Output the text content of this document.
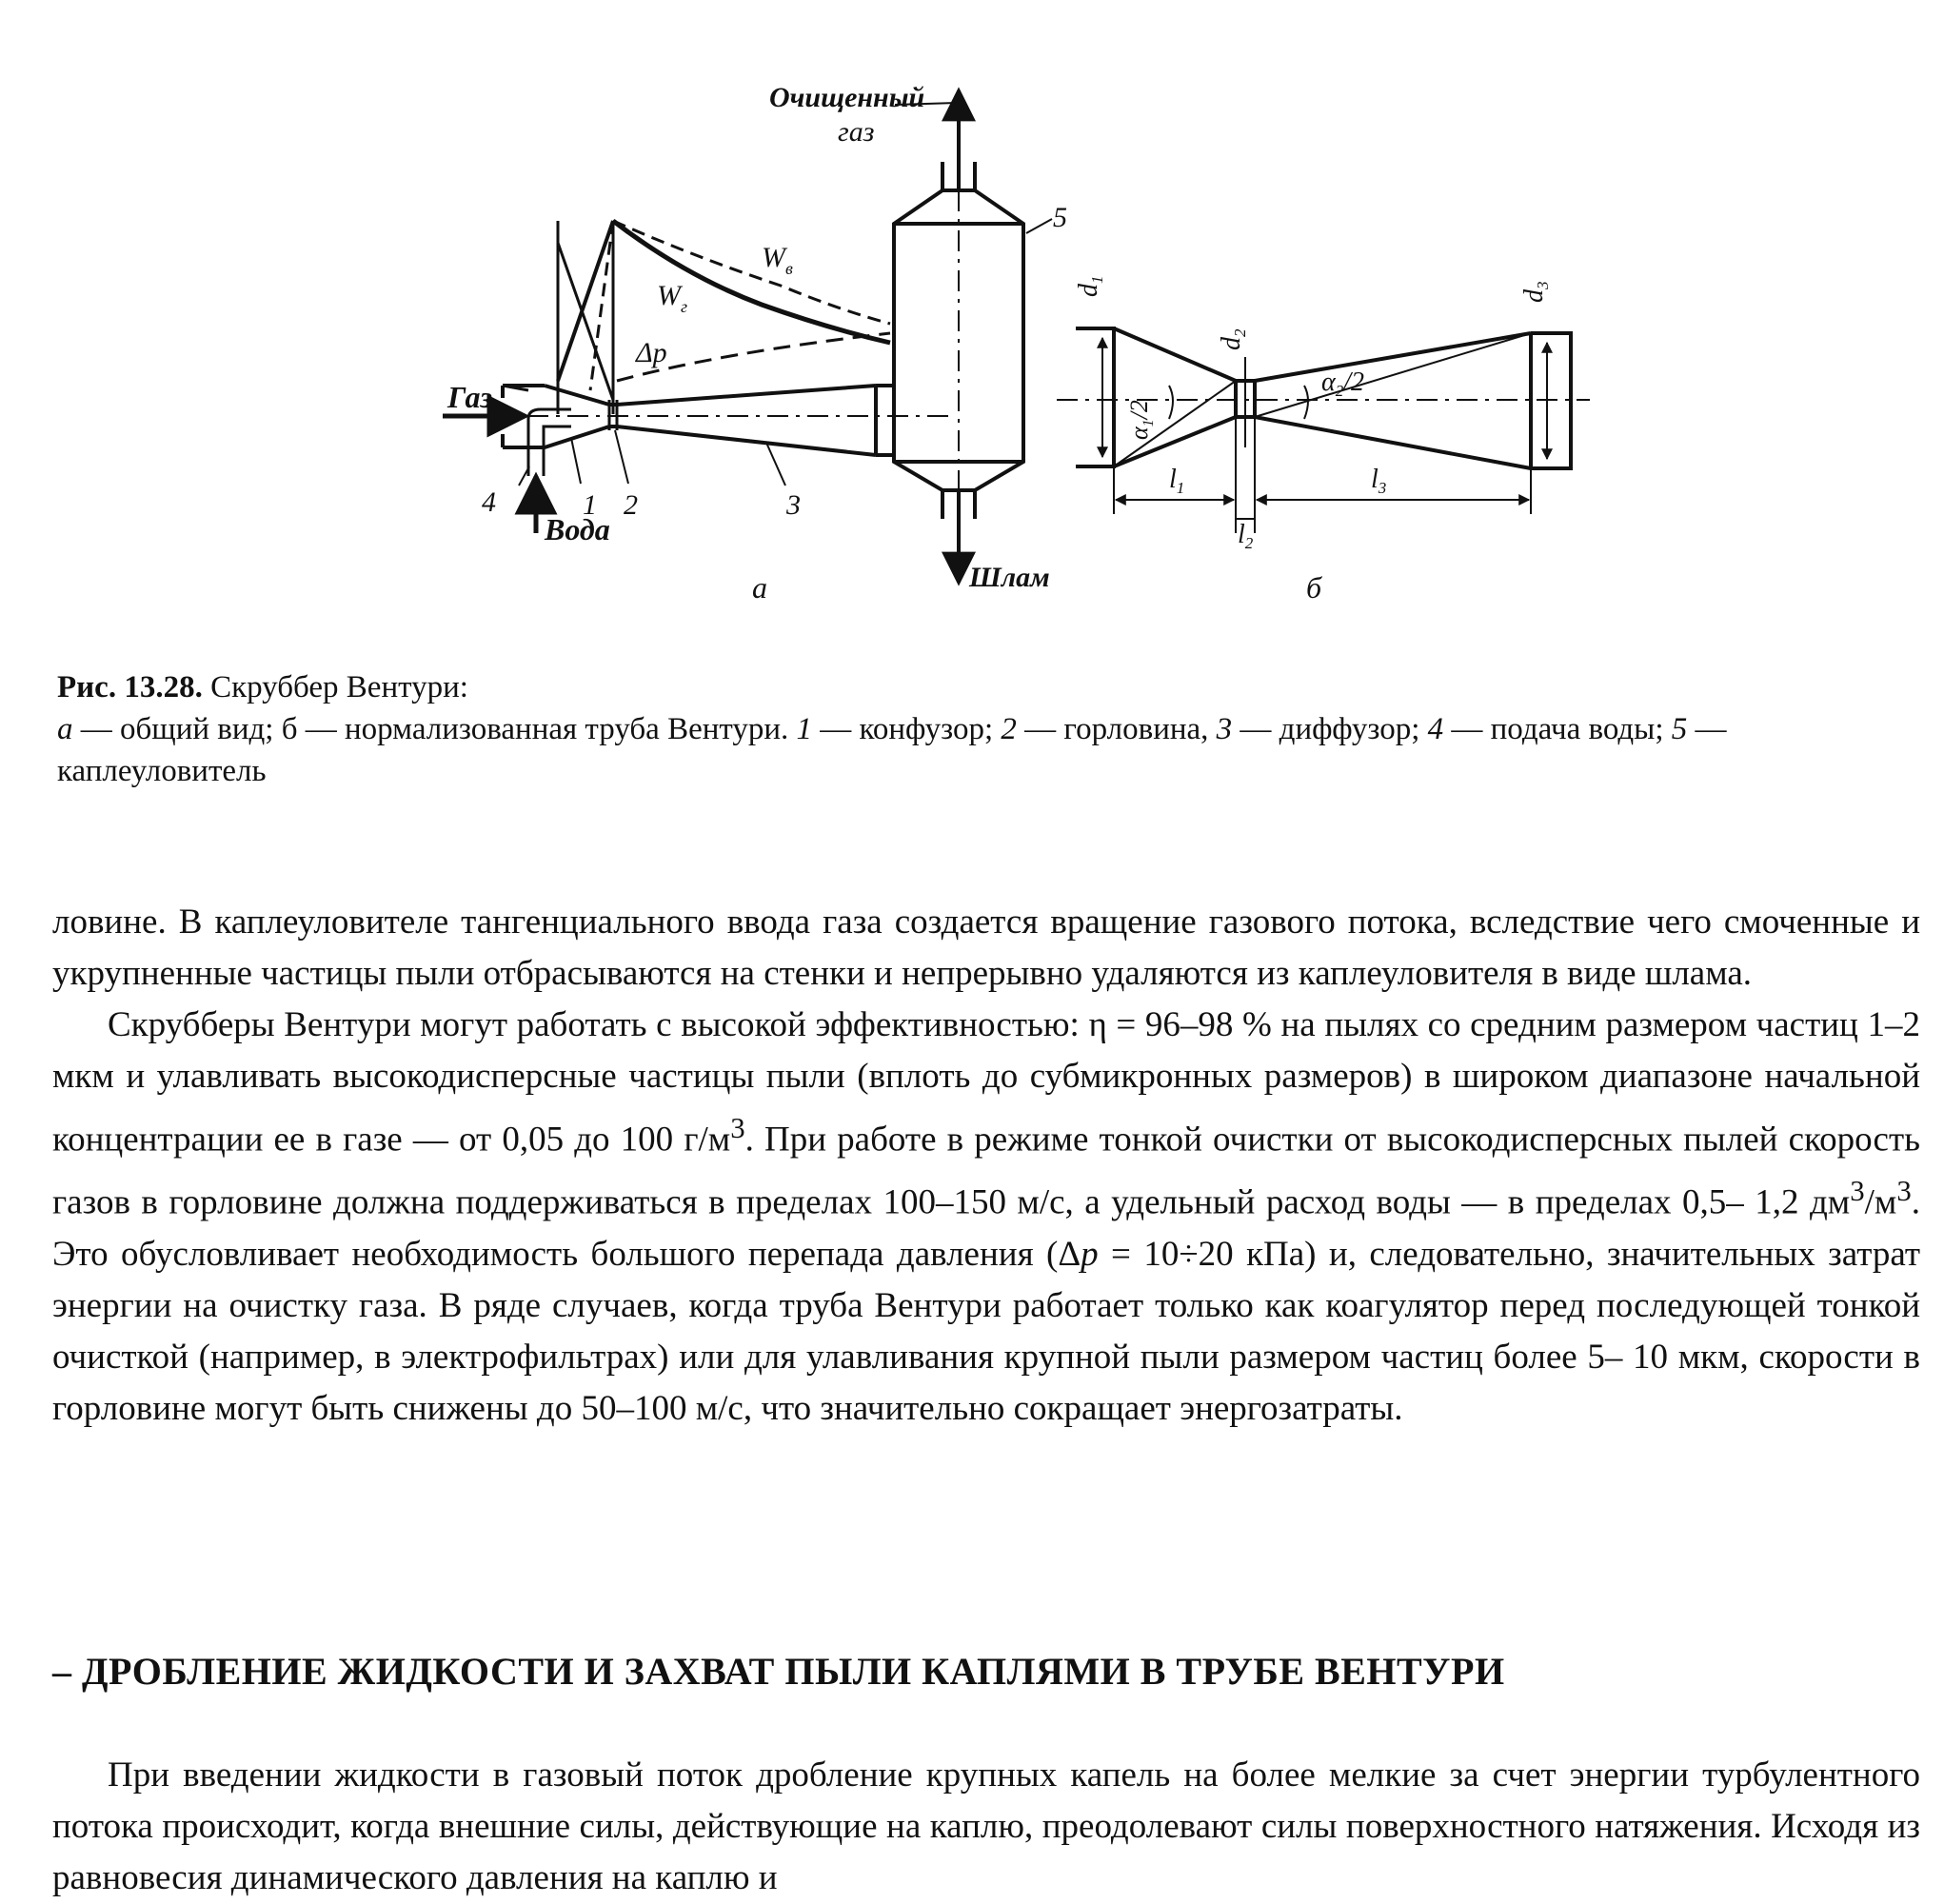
Очищенный
газ
Газ
Вода
Шлам
$W_г$
$W_в$
Δp
1 2	3
4
5
а	б
$d_1$
$d_2$
$d_3$
$\alpha_1/2$
$\alpha_2/2$
$l_1$
$l_2$
$l_3$
Рис. 13.28. Скруббер Вентури:
а — общий вид; б — нормализованная труба Вентури. 1 — конфузор; 2 — горловина, 3 — диффузор; 4 — подача воды; 5 — каплеуловитель

ловине. В каплеуловителе тангенциального ввода газа создается вращение газового потока, вследствие чего смоченные и укрупненные частицы пыли отбрасываются на стенки и непрерывно удаляются из каплеуловителя в виде шлама.

Скрубберы Вентури могут работать с высокой эффективностью: η = 96–98 % на пылях со средним размером частиц 1–2 мкм и улавливать высокодисперсные частицы пыли (вплоть до субмикронных размеров) в широком диапазоне начальной концентрации ее в газе — от 0,05 до 100 $г/м^3$. При работе в режиме тонкой очистки от высокодисперсных пылей скорость газов в горловине должна поддерживаться в пределах 100–150 м/с, а удельный расход воды — в пределах 0,5– 1,2 $дм^3/м^3$. Это обусловливает необходимость большого перепада давления (Δp = 10÷20 кПа) и, следовательно, значительных затрат энергии на очистку газа. В ряде случаев, когда труба Вентури работает только как коагулятор перед последующей тонкой очисткой (например, в электрофильтрах) или для улавливания крупной пыли размером частиц более 5– 10 мкм, скорости в горловине могут быть снижены до 50–100 м/с, что значительно сокращает энергозатраты.

– ДРОБЛЕНИЕ ЖИДКОСТИ И ЗАХВАТ ПЫЛИ КАПЛЯМИ В ТРУБЕ ВЕНТУРИ

При введении жидкости в газовый поток дробление крупных капель на более мелкие за счет энергии турбулентного потока происходит, когда внешние силы, действующие на каплю, преодолевают силы поверхностного натяжения. Исходя из равновесия динамического давления на каплю и
